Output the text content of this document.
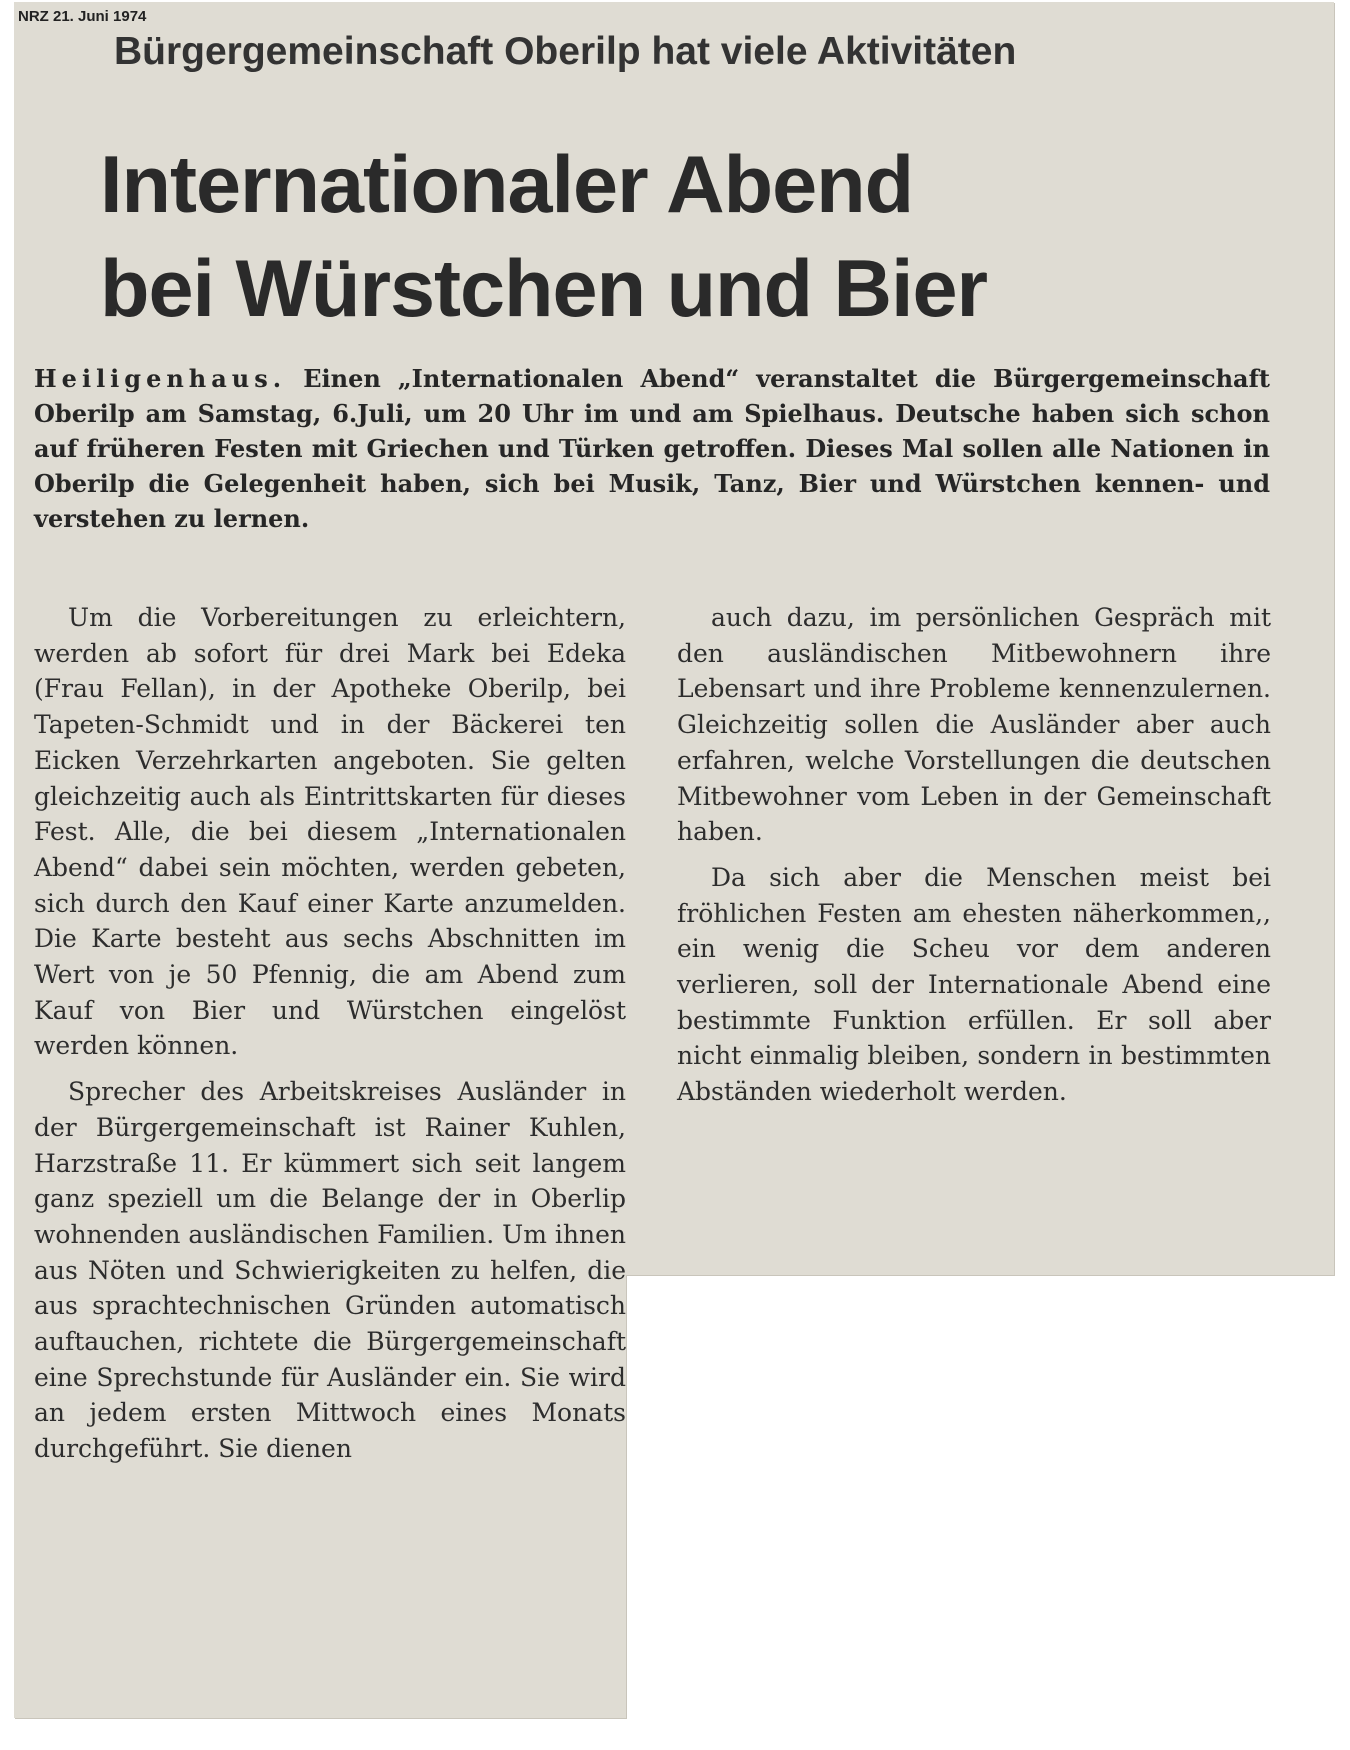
NRZ 21. Juni 1974

Bürgergemeinschaft Oberilp hat viele Aktivitäten
Internationaler Abend
bei Würstchen und Bier

Heiligenhaus. Einen „Internationalen Abend“ veranstaltet die Bürgergemeinschaft Oberilp am Samstag, 6.Juli, um 20 Uhr im und am Spielhaus. Deutsche haben sich schon auf früheren Festen mit Griechen und Türken getroffen. Dieses Mal sollen alle Nationen in Oberilp die Gelegenheit haben, sich bei Musik, Tanz, Bier und Würstchen kennen- und verstehen zu lernen.

Um die Vorbereitungen zu erleichtern, werden ab sofort für drei Mark bei Edeka (Frau Fellan), in der Apotheke Oberilp, bei Tapeten-Schmidt und in der Bäckerei ten Eicken Verzehrkarten angeboten. Sie gelten gleichzeitig auch als Eintrittskarten für dieses Fest. Alle, die bei diesem „Internationalen Abend“ dabei sein möchten, werden gebeten, sich durch den Kauf einer Karte anzumelden. Die Karte besteht aus sechs Abschnitten im Wert von je 50 Pfennig, die am Abend zum Kauf von Bier und Würstchen eingelöst werden können.

Sprecher des Arbeitskreises Ausländer in der Bürgergemeinschaft ist Rainer Kuhlen, Harzstraße 11. Er kümmert sich seit langem ganz speziell um die Belange der in Oberlip wohnenden ausländischen Familien. Um ihnen aus Nöten und Schwierigkeiten zu helfen, die aus sprachtechnischen Gründen automatisch auftauchen, richtete die Bürgergemeinschaft eine Sprechstunde für Ausländer ein. Sie wird an jedem ersten Mittwoch eines Monats durchgeführt. Sie dienen

auch dazu, im persönlichen Gespräch mit den ausländischen Mitbewohnern ihre Lebensart und ihre Probleme kennenzulernen. Gleichzeitig sollen die Ausländer aber auch erfahren, welche Vorstellungen die deutschen Mitbewohner vom Leben in der Gemeinschaft haben.

Da sich aber die Menschen meist bei fröhlichen Festen am ehesten näherkommen,, ein wenig die Scheu vor dem anderen verlieren, soll der Internationale Abend eine bestimmte Funktion erfüllen. Er soll aber nicht einmalig bleiben, sondern in bestimmten Abständen wiederholt werden.
